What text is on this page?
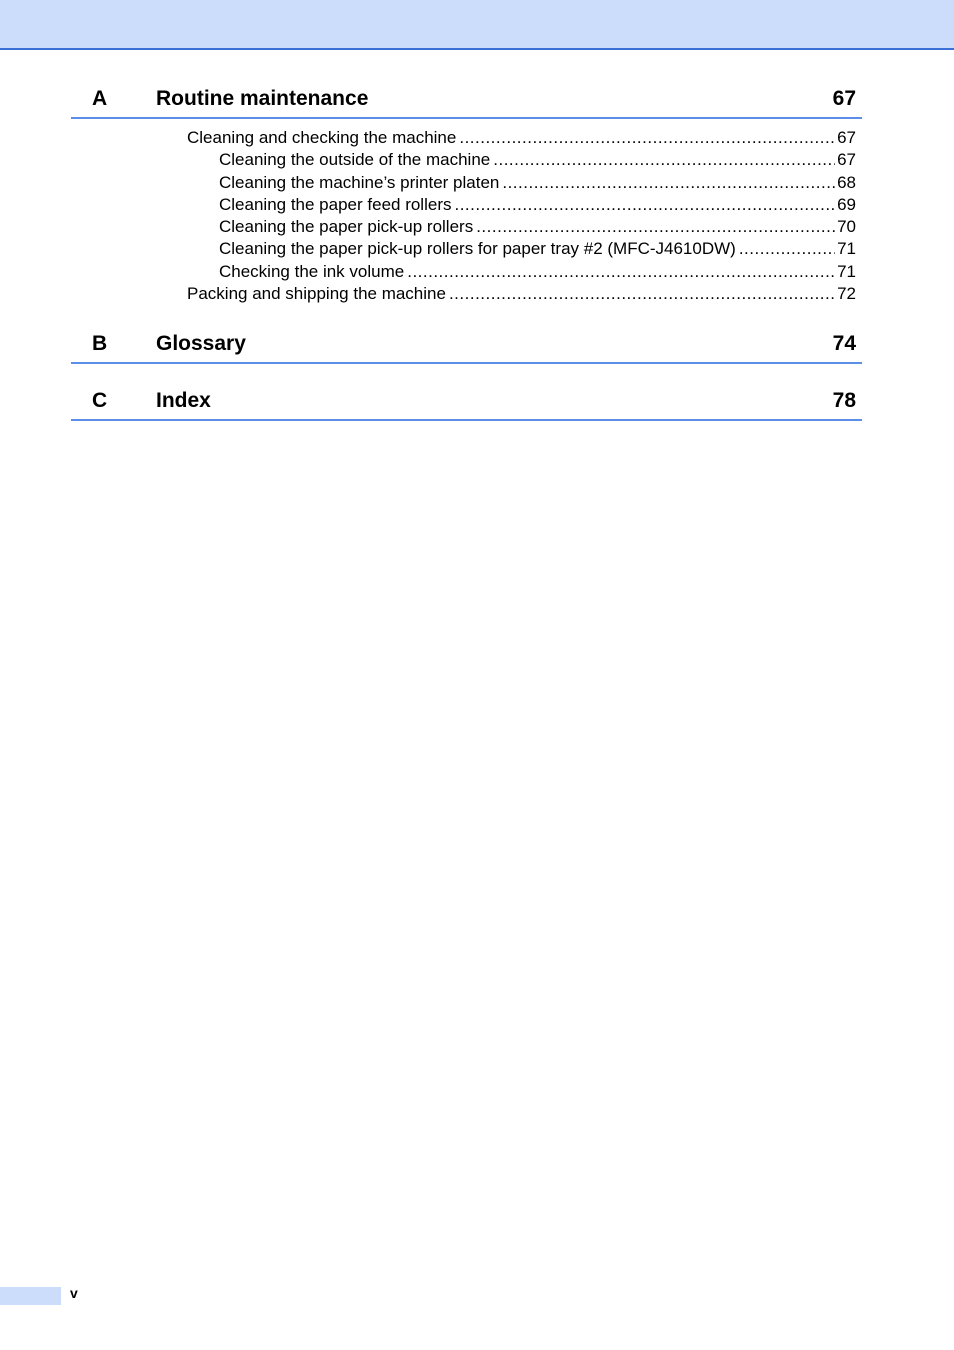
A Routine maintenance	67
Cleaning and checking the machine .....	67
Cleaning the outside of the machine .....	67
Cleaning the machine’s printer platen .....	68
Cleaning the paper feed rollers .....	69
Cleaning the paper pick-up rollers .....	70
Cleaning the paper pick-up rollers for paper tray #2 (MFC-J4610DW) .....	71
Checking the ink volume .....	71
Packing and shipping the machine .....	72
B Glossary	74
C Index	78
v
